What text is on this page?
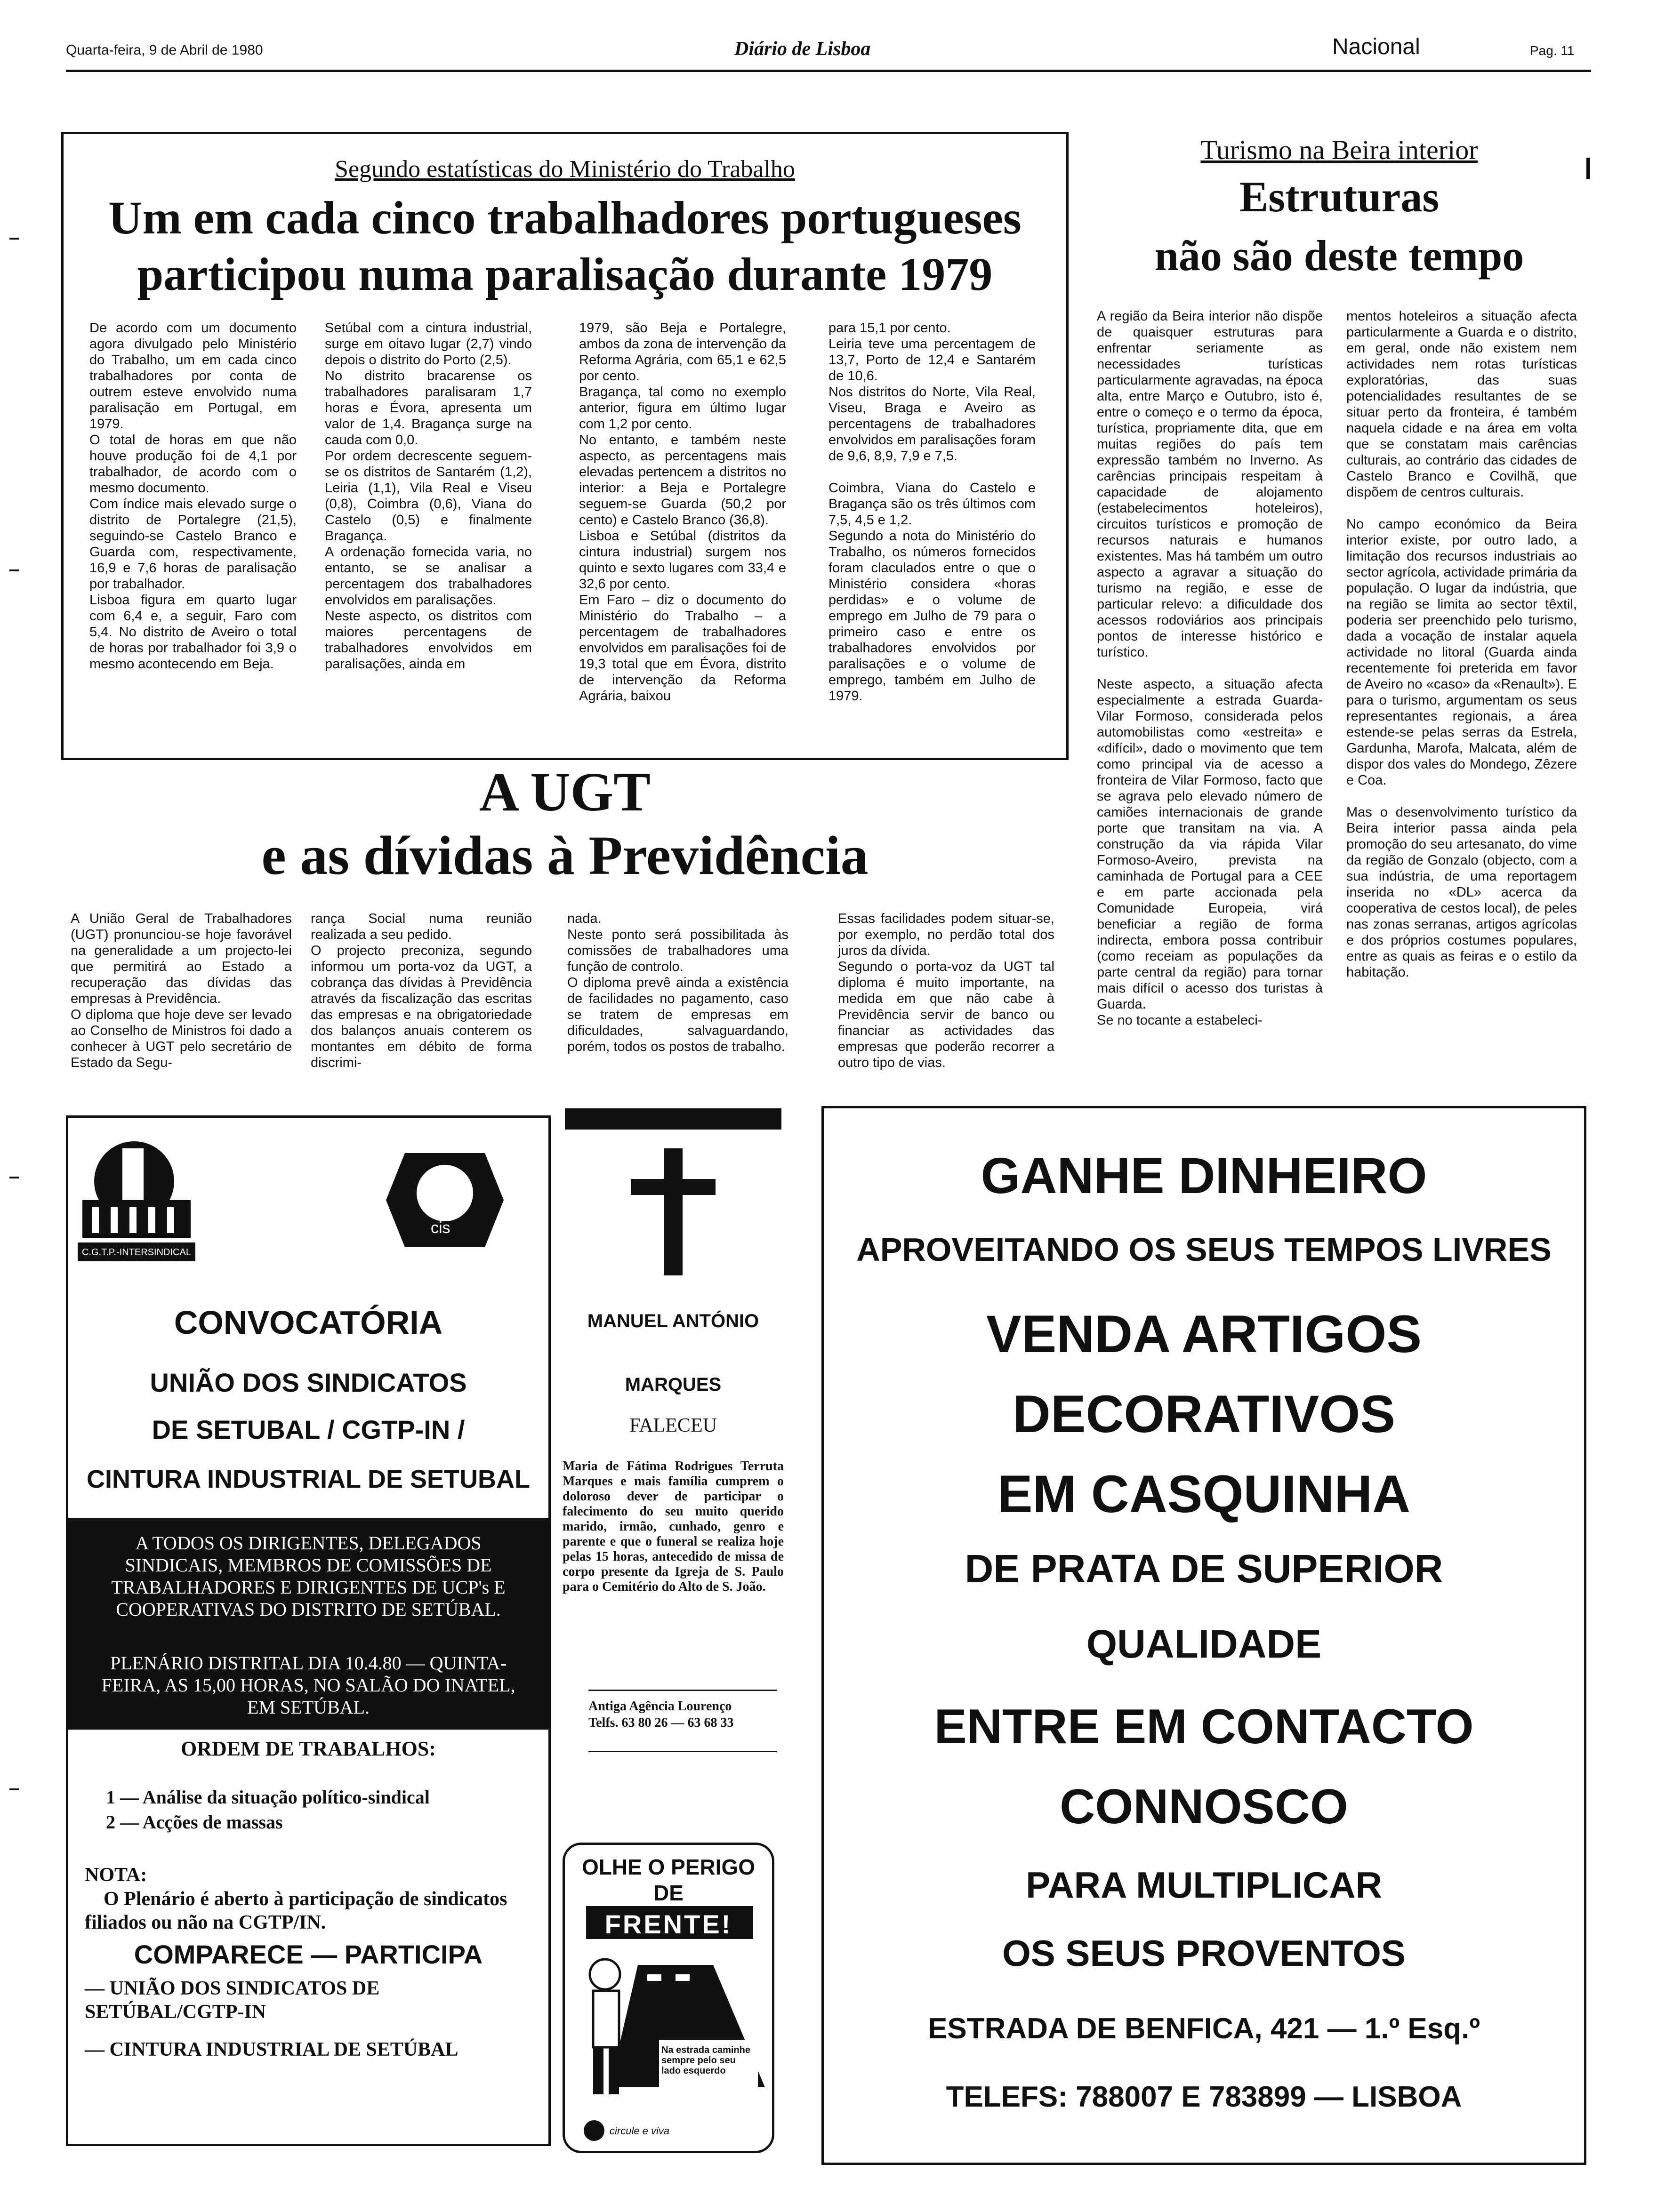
Quarta-feira, 9 de Abril de 1980	Diário de Lisboa	Nacional	Pag. 11
Segundo estatísticas do Ministério do Trabalho
Um em cada cinco trabalhadores portugueses
participou numa paralisação durante 1979
De acordo com um documento agora divulgado pelo Ministério do Trabalho, um em cada cinco trabalhadores por conta de outrem esteve envolvido numa paralisação em Portugal, em 1979.
O total de horas em que não houve produção foi de 4,1 por trabalhador, de acordo com o mesmo documento.
Com índice mais elevado surge o distrito de Portalegre (21,5), seguindo-se Castelo Branco e Guarda com, respectivamente, 16,9 e 7,6 horas de paralisação por trabalhador.
Lisboa figura em quarto lugar com 6,4 e, a seguir, Faro com 5,4. No distrito de Aveiro o total de horas por trabalhador foi 3,9 o mesmo acontecendo em Beja.
Setúbal com a cintura industrial, surge em oitavo lugar (2,7) vindo depois o distrito do Porto (2,5).
No distrito bracarense os trabalhadores paralisaram 1,7 horas e Évora, apresenta um valor de 1,4. Bragança surge na cauda com 0,0.
Por ordem decrescente seguem-se os distritos de Santarém (1,2), Leiria (1,1), Vila Real e Viseu (0,8), Coimbra (0,6), Viana do Castelo (0,5) e finalmente Bragança.
A ordenação fornecida varia, no entanto, se se analisar a percentagem dos trabalhadores envolvidos em paralisações.
Neste aspecto, os distritos com maiores percentagens de trabalhadores envolvidos em paralisações, ainda em
1979, são Beja e Portalegre, ambos da zona de intervenção da Reforma Agrária, com 65,1 e 62,5 por cento.
Bragança, tal como no exemplo anterior, figura em último lugar com 1,2 por cento.
No entanto, e também neste aspecto, as percentagens mais elevadas pertencem a distritos no interior: a Beja e Portalegre seguem-se Guarda (50,2 por cento) e Castelo Branco (36,8).
Lisboa e Setúbal (distritos da cintura industrial) surgem nos quinto e sexto lugares com 33,4 e 32,6 por cento.
Em Faro – diz o documento do Ministério do Trabalho – a percentagem de trabalhadores envolvidos em paralisações foi de 19,3 total que em Évora, distrito de intervenção da Reforma Agrária, baixou
para 15,1 por cento.
Leiria teve uma percentagem de 13,7, Porto de 12,4 e Santarém de 10,6.
Nos distritos do Norte, Vila Real, Viseu, Braga e Aveiro as percentagens de trabalhadores envolvidos em paralisações foram de 9,6, 8,9, 7,9 e 7,5.

Coimbra, Viana do Castelo e Bragança são os três últimos com 7,5, 4,5 e 1,2.
Segundo a nota do Ministério do Trabalho, os números fornecidos foram claculados entre o que o Ministério considera «horas perdidas» e o volume de emprego em Julho de 79 para o primeiro caso e entre os trabalhadores envolvidos por paralisações e o volume de emprego, também em Julho de 1979.
A UGT
e as dívidas à Previdência
A União Geral de Trabalhadores (UGT) pronunciou-se hoje favorável na generalidade a um projecto-lei que permitirá ao Estado a recuperação das dívidas das empresas à Previdência.
O diploma que hoje deve ser levado ao Conselho de Ministros foi dado a conhecer à UGT pelo secretário de Estado da Segu-
rança Social numa reunião realizada a seu pedido.
O projecto preconiza, segundo informou um porta-voz da UGT, a cobrança das dívidas à Previdência através da fiscalização das escritas das empresas e na obrigatoriedade dos balanços anuais conterem os montantes em débito de forma discrimi-
nada.
Neste ponto será possibilitada às comissões de trabalhadores uma função de controlo.
O diploma prevê ainda a existência de facilidades no pagamento, caso se tratem de empresas em dificuldades, salvaguardando, porém, todos os postos de trabalho.
Essas facilidades podem situar-se, por exemplo, no perdão total dos juros da dívida.
Segundo o porta-voz da UGT tal diploma é muito importante, na medida em que não cabe à Previdência servir de banco ou financiar as actividades das empresas que poderão recorrer a outro tipo de vias.
Turismo na Beira interior
Estruturas
não são deste tempo
A região da Beira interior não dispõe de quaisquer estruturas para enfrentar seriamente as necessidades turísticas particularmente agravadas, na época alta, entre Março e Outubro, isto é, entre o começo e o termo da época, turística, propriamente dita, que em muitas regiões do país tem expressão também no Inverno. As carências principais respeitam à capacidade de alojamento (estabelecimentos hoteleiros), circuitos turísticos e promoção de recursos naturais e humanos existentes. Mas há também um outro aspecto a agravar a situação do turismo na região, e esse de particular relevo: a dificuldade dos acessos rodoviários aos principais pontos de interesse histórico e turístico.

Neste aspecto, a situação afecta especialmente a estrada Guarda-Vilar Formoso, considerada pelos automobilistas como «estreita» e «difícil», dado o movimento que tem como principal via de acesso a fronteira de Vilar Formoso, facto que se agrava pelo elevado número de camiões internacionais de grande porte que transitam na via. A construção da via rápida Vilar Formoso-Aveiro, prevista na caminhada de Portugal para a CEE e em parte accionada pela Comunidade Europeia, virá beneficiar a região de forma indirecta, embora possa contribuir (como receiam as populações da parte central da região) para tornar mais difícil o acesso dos turistas à Guarda.
Se no tocante a estabeleci-
mentos hoteleiros a situação afecta particularmente a Guarda e o distrito, em geral, onde não existem nem actividades nem rotas turísticas exploratórias, das suas potencialidades resultantes de se situar perto da fronteira, é também naquela cidade e na área em volta que se constatam mais carências culturais, ao contrário das cidades de Castelo Branco e Covilhã, que dispõem de centros culturais.

No campo económico da Beira interior existe, por outro lado, a limitação dos recursos industriais ao sector agrícola, actividade primária da população. O lugar da indústria, que na região se limita ao sector têxtil, poderia ser preenchido pelo turismo, dada a vocação de instalar aquela actividade no litoral (Guarda ainda recentemente foi preterida em favor de Aveiro no «caso» da «Renault»). E para o turismo, argumentam os seus representantes regionais, a área estende-se pelas serras da Estrela, Gardunha, Marofa, Malcata, além de dispor dos vales do Mondego, Zêzere e Coa.

Mas o desenvolvimento turístico da Beira interior passa ainda pela promoção do seu artesanato, do vime da região de Gonzalo (objecto, com a sua indústria, de uma reportagem inserida no «DL» acerca da cooperativa de cestos local), de peles nas zonas serranas, artigos agrícolas e dos próprios costumes populares, entre as quais as feiras e o estilo da habitação.
C.G.T.P.-INTERSINDICAL
cis
CONVOCATÓRIA
UNIÃO DOS SINDICATOS
DE SETUBAL / CGTP-IN /
CINTURA INDUSTRIAL DE SETUBAL
A TODOS OS DIRIGENTES, DELEGADOS SINDICAIS, MEMBROS DE COMISSÕES DE TRABALHADORES E DIRIGENTES DE UCP's E COOPERATIVAS DO DISTRITO DE SETÚBAL.
PLENÁRIO DISTRITAL DIA 10.4.80 — QUINTA-FEIRA, AS 15,00 HORAS, NO SALÃO DO INATEL, EM SETÚBAL.
ORDEM DE TRABALHOS:
1 — Análise da situação político-sindical
2 — Acções de massas
NOTA:
O Plenário é aberto à participação de sindicatos filiados ou não na CGTP/IN.
COMPARECE — PARTICIPA
— UNIÃO DOS SINDICATOS DE SETÚBAL/CGTP-IN
— CINTURA INDUSTRIAL DE SETÚBAL
MANUEL ANTÓNIO
MARQUES
FALECEU
Maria de Fátima Rodrigues Terruta Marques e mais família cumprem o doloroso dever de participar o falecimento do seu muito querido marido, irmão, cunhado, genro e parente e que o funeral se realiza hoje pelas 15 horas, antecedido de missa de corpo presente da Igreja de S. Paulo para o Cemitério do Alto de S. João.
Antiga Agência Lourenço
Telfs. 63 80 26 — 63 68 33
OLHE O PERIGO
DE
FRENTE!
Na estrada caminhe sempre pelo seu lado esquerdo
circule e viva
GANHE DINHEIRO
APROVEITANDO OS SEUS TEMPOS LIVRES
VENDA ARTIGOS
DECORATIVOS
EM CASQUINHA
DE PRATA DE SUPERIOR
QUALIDADE
ENTRE EM CONTACTO
CONNOSCO
PARA MULTIPLICAR
OS SEUS PROVENTOS
ESTRADA DE BENFICA, 421 — 1.º Esq.º
TELEFS: 788007 E 783899 — LISBOA
